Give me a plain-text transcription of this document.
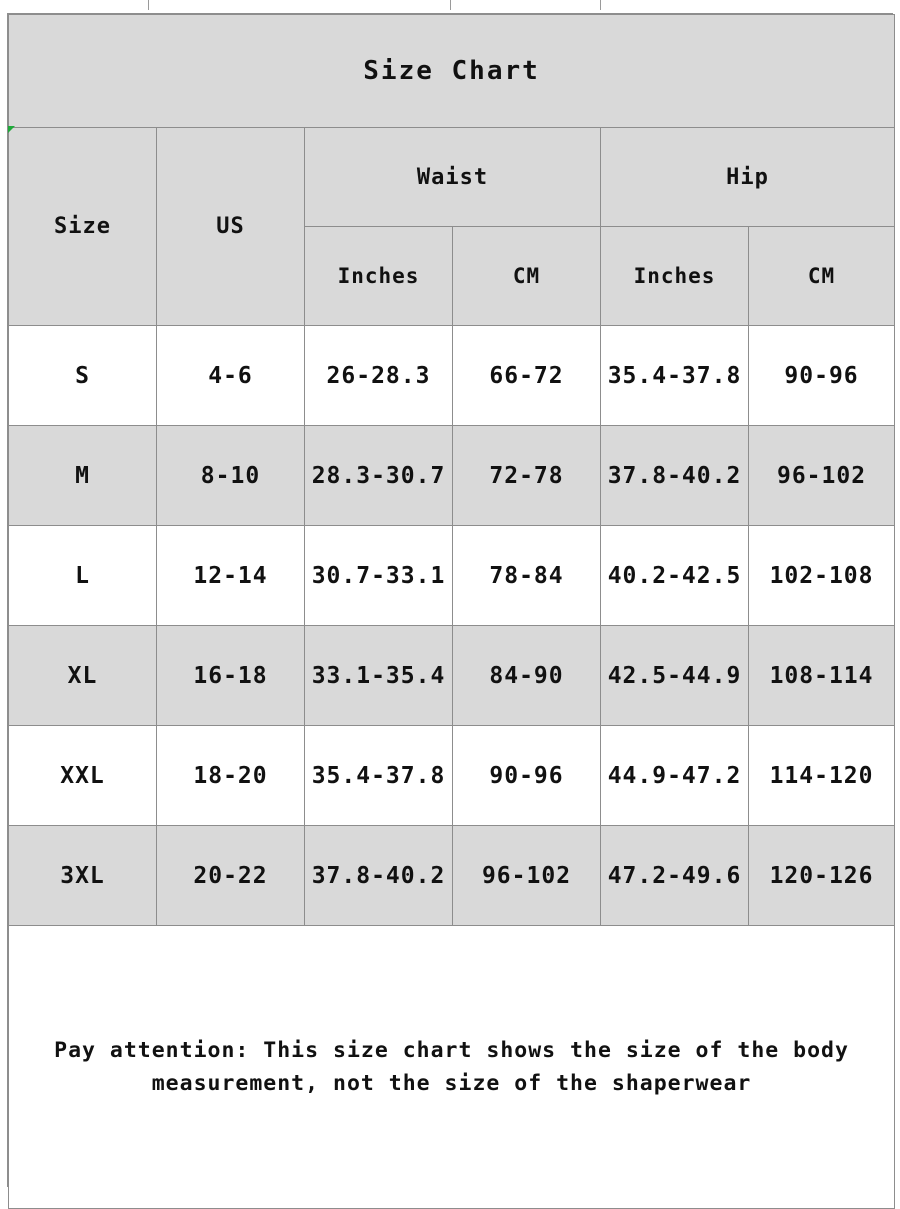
Size Chart					
Size	US	Waist		Hip	
		Inches	CM	Inches	CM
S	4-6	26-28.3	66-72	35.4-37.8	90-96
M	8-10	28.3-30.7	72-78	37.8-40.2	96-102
L	12-14	30.7-33.1	78-84	40.2-42.5	102-108
XL	16-18	33.1-35.4	84-90	42.5-44.9	108-114
XXL	18-20	35.4-37.8	90-96	44.9-47.2	114-120
3XL	20-22	37.8-40.2	96-102	47.2-49.6	120-126
Pay attention: This size chart shows the size of the body
measurement, not the size of the shaperwear					
